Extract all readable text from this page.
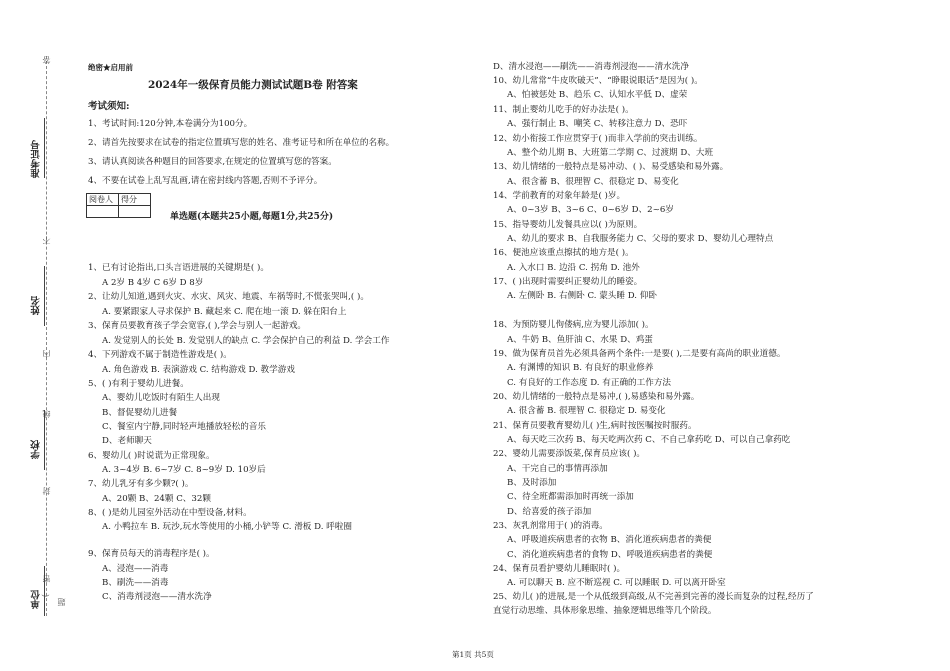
答
不
内
线
封
密
(
题
准考证号
姓名
学校
单位
绝密★启用前
2024年一级保育员能力测试试题B卷 附答案
考试须知:
1、考试时间:120分钟,本卷满分为100分。
2、请首先按要求在试卷的指定位置填写您的姓名、准考证号和所在单位的名称。
3、请认真阅读各种题目的回答要求,在规定的位置填写您的答案。
4、不要在试卷上乱写乱画,请在密封线内答题,否则不予评分。
阅卷人	得分

单选题(本题共25小题,每题1分,共25分)
1、已有讨论指出,口头言语进展的关键期是( )。
A 2岁 B 4岁 C 6岁 D 8岁
2、让幼儿知道,遇到火灾、水灾、风灾、地震、车祸等时,不慌张哭叫,( )。
A. 要紧跟家人寻求保护 B. 藏起来 C. 爬在地一滚 D. 躲在阳台上
3、保育员要教育孩子学会宽容,( ),学会与别人一起游戏。
A. 发觉别人的长处 B. 发觉别人的缺点 C. 学会保护自己的利益 D. 学会工作
4、下列游戏不属于制造性游戏是( )。
A. 角色游戏 B. 表演游戏 C. 结构游戏 D. 教学游戏
5、( )有利于婴幼儿进餐。
A、婴幼儿吃饭时有陌生人出现
B、督促婴幼儿进餐
C、餐室内宁静,同时轻声地播放轻松的音乐
D、老师聊天
6、婴幼儿( )时说谎为正常现象。
A. 3~4岁 B. 6~7岁 C. 8~9岁 D. 10岁后
7、幼儿乳牙有多少颗?( )。
A、20颗 B、24颗 C、32颗
8、( )是幼儿园室外活动在中型设备,材料。
A. 小鸭拉车 B. 玩沙,玩水等使用的小桶,小铲等 C. 滑板 D. 呼啦圈
9、保育员每天的消毒程序是( )。
A、浸泡——消毒
B、刷洗——消毒
C、消毒剂浸泡——清水洗净
D、清水浸泡——刷洗——消毒剂浸泡——清水洗净
10、幼儿常常“牛皮吹破天”、“睁眼说眼话”是因为( )。
A、怕被惩处 B、趋乐 C、认知水平低 D、虚荣
11、制止婴幼儿吃手的好办法是( )。
A、强行制止 B、嘲笑 C、转移注意力 D、恐吓
12、幼小衔接工作应贯穿于( )而非入学前的突击训练。
A、整个幼儿期 B、大班第二学期 C、过渡期 D、大班
13、幼儿情绪的一般特点是易冲动、( )、易受感染和易外露。
A、很含蓄 B、很理智 C、很稳定 D、易变化
14、学前教育的对象年龄是( )岁。
A、0~3岁 B、3~6 C、0~6岁 D、2~6岁
15、指导婴幼儿发餐具应以( )为原则。
A、幼儿的要求 B、自我服务能力 C、父母的要求 D、婴幼儿心理特点
16、便池应该重点擦拭的地方是( )。
A. 入水口 B. 边沿 C. 拐角 D. 池外
17、( )出现时需要纠正婴幼儿的睡姿。
A. 左侧卧 B. 右侧卧 C. 蒙头睡 D. 仰卧
18、为预防婴儿佝偻病,应为婴儿添加( )。
A、牛奶 B、鱼肝油 C、水果 D、鸡蛋
19、做为保育员首先必须具备两个条件:一是要( ),二是要有高尚的职业道德。
A. 有渊博的知识 B. 有良好的职业修养
C. 有良好的工作态度 D. 有正确的工作方法
20、幼儿情绪的一般特点是易冲,( ),易感染和易外露。
A. 很含蓄 B. 很理智 C. 很稳定 D. 易变化
21、保育员要教育婴幼儿( )生,病时按医嘱按时服药。
A、每天吃三次药 B、每天吃两次药 C、不自己拿药吃 D、可以自己拿药吃
22、婴幼儿需要添饭菜,保育员应该( )。
A、干完自己的事情再添加
B、及时添加
C、待全班都需添加时再统一添加
D、给喜爱的孩子添加
23、灰乳剂常用于( )的消毒。
A、呼吸道疾病患者的衣物 B、消化道疾病患者的粪便
C、消化道疾病患者的食物 D、呼吸道疾病患者的粪便
24、保育员看护婴幼儿睡眠时( )。
A. 可以聊天 B. 应不断巡视 C. 可以睡眠 D. 可以离开卧室
25、幼儿( )的进展,是一个从低级到高级,从不完善到完善的漫长而复杂的过程,经历了
直觉行动思维、具体形象思维、抽象逻辑思维等几个阶段。
第1页 共5页
